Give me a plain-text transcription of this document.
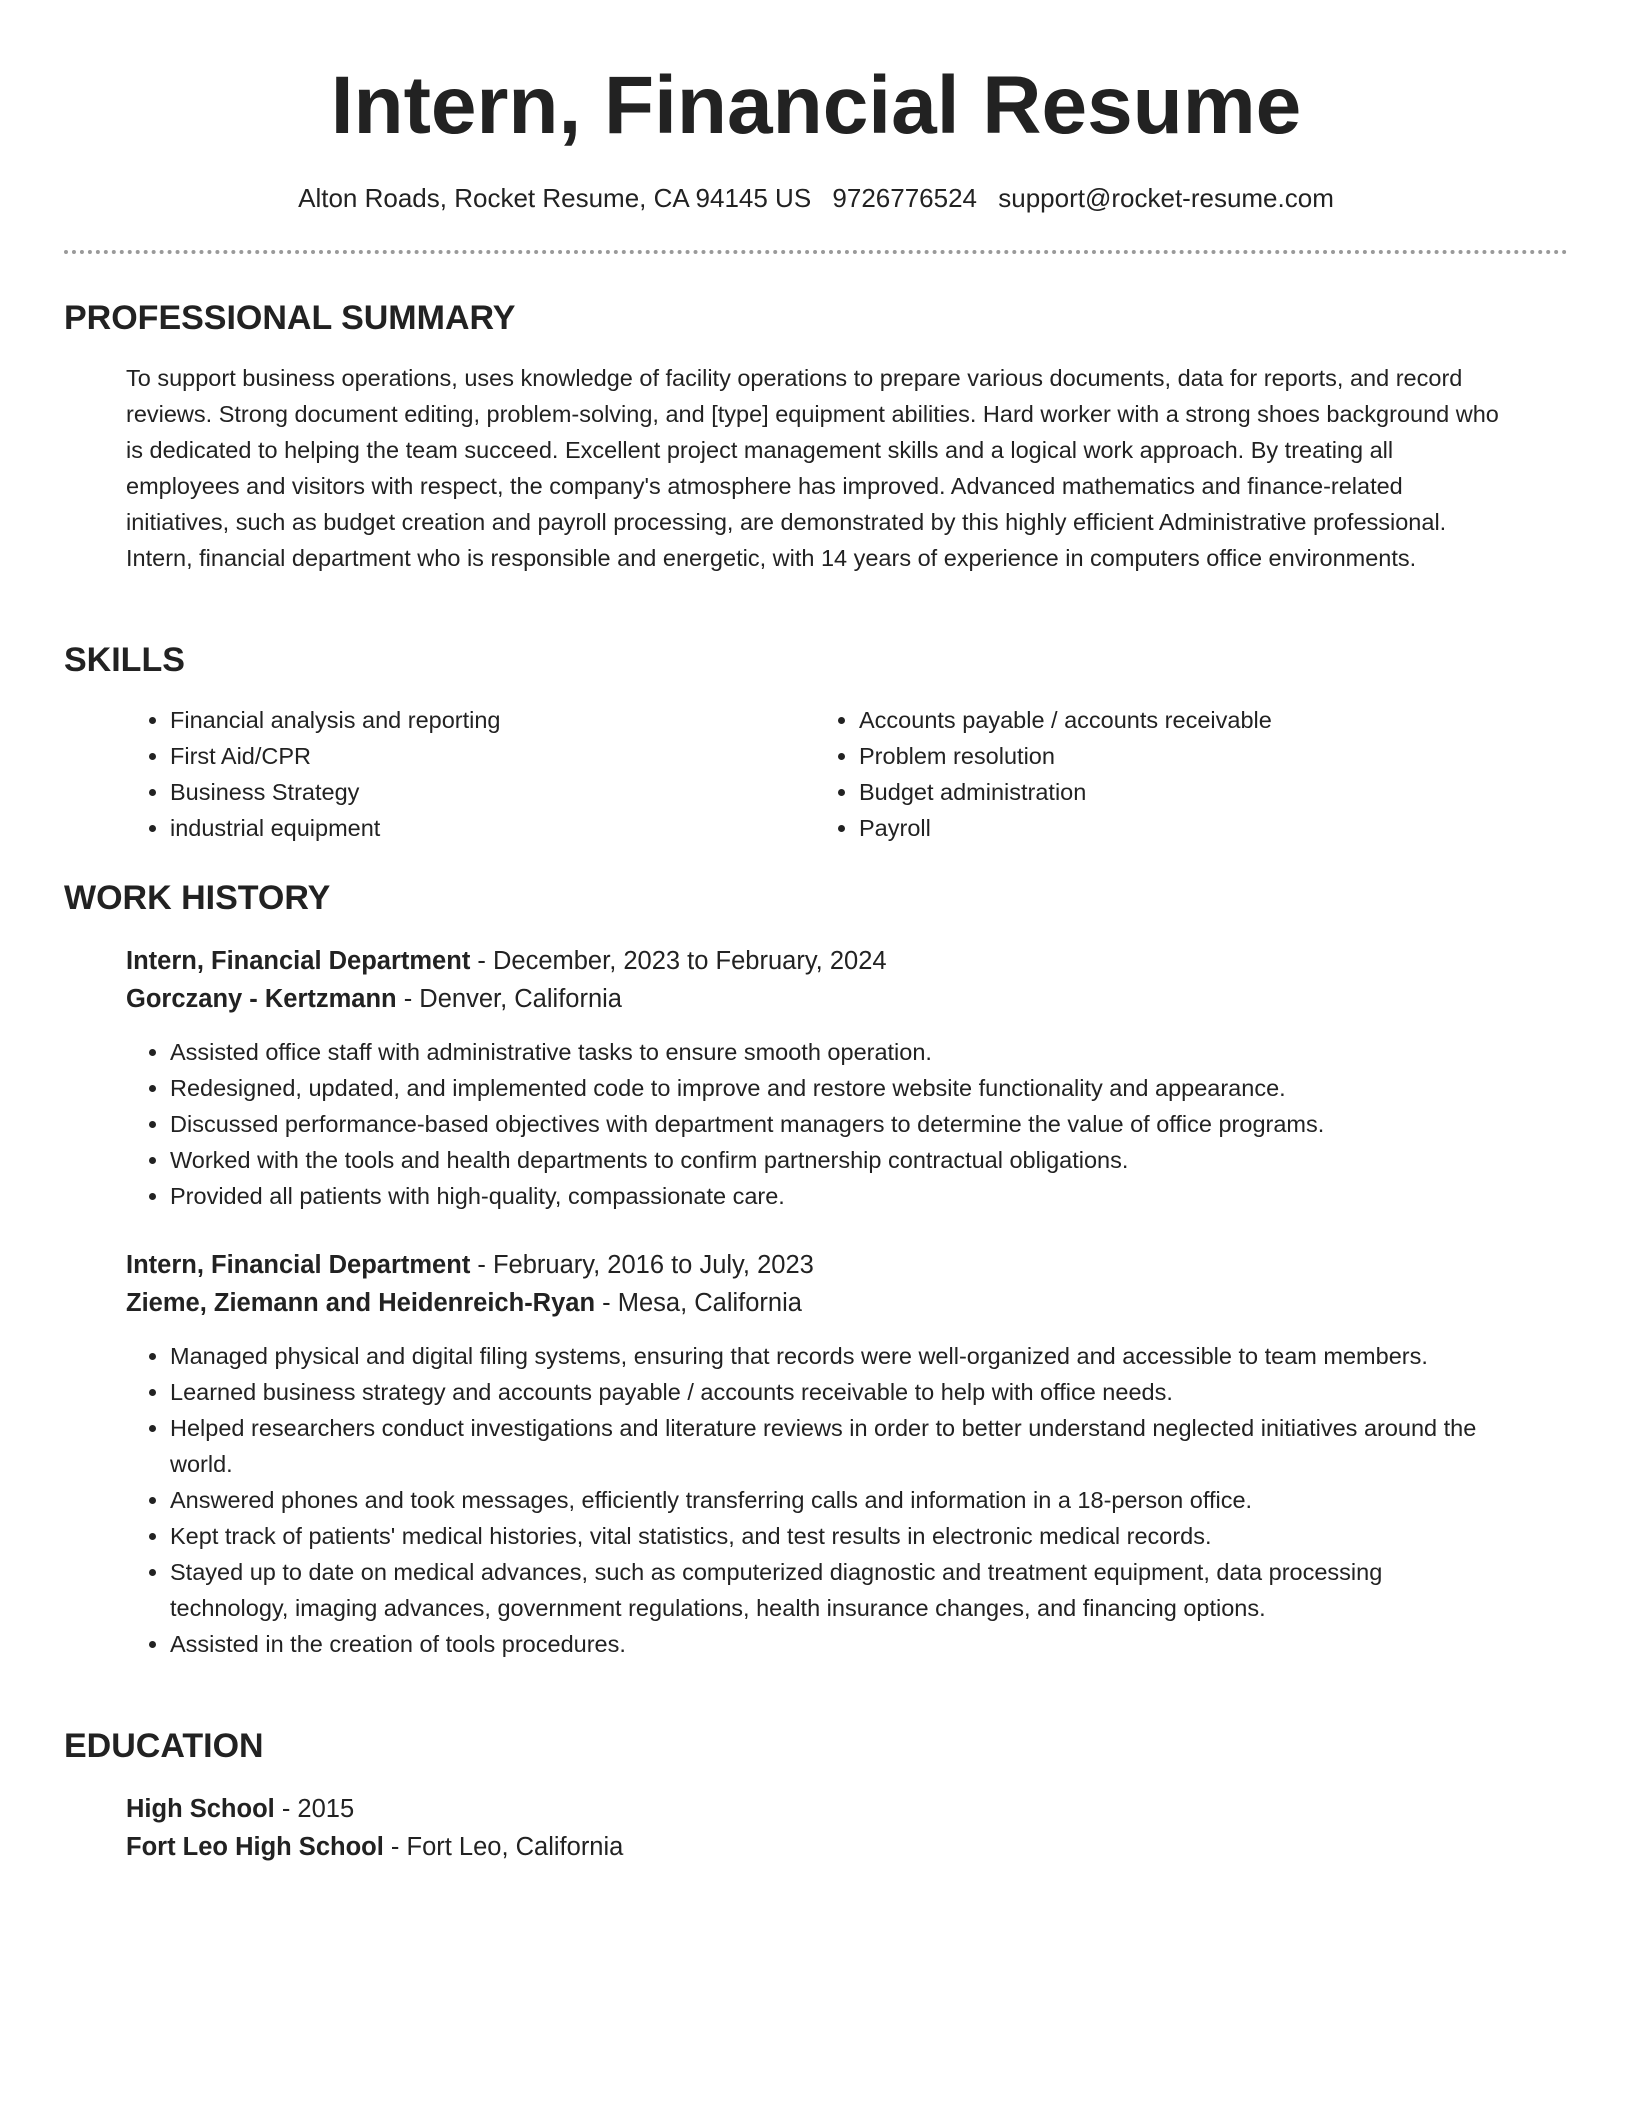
Intern, Financial Resume
Alton Roads, Rocket Resume, CA 94145 US 9726776524 support@rocket-resume.com
PROFESSIONAL SUMMARY

To support business operations, uses knowledge of facility operations to prepare various documents, data for reports, and record reviews. Strong document editing, problem-solving, and [type] equipment abilities. Hard worker with a strong shoes background who is dedicated to helping the team succeed. Excellent project management skills and a logical work approach. By treating all employees and visitors with respect, the company's atmosphere has improved. Advanced mathematics and finance-related initiatives, such as budget creation and payroll processing, are demonstrated by this highly efficient Administrative professional. Intern, financial department who is responsible and energetic, with 14 years of experience in computers office environments.

SKILLS
• Financial analysis and reporting
• First Aid/CPR
• Business Strategy
• industrial equipment
• Accounts payable / accounts receivable
• Problem resolution
• Budget administration
• Payroll
WORK HISTORY
Intern, Financial Department - December, 2023 to February, 2024
Gorczany - Kertzmann - Denver, California
• Assisted office staff with administrative tasks to ensure smooth operation.
• Redesigned, updated, and implemented code to improve and restore website functionality and appearance.
• Discussed performance-based objectives with department managers to determine the value of office programs.
• Worked with the tools and health departments to confirm partnership contractual obligations.
• Provided all patients with high-quality, compassionate care.
Intern, Financial Department - February, 2016 to July, 2023
Zieme, Ziemann and Heidenreich-Ryan - Mesa, California
• Managed physical and digital filing systems, ensuring that records were well-organized and accessible to team members.
• Learned business strategy and accounts payable / accounts receivable to help with office needs.
• Helped researchers conduct investigations and literature reviews in order to better understand neglected initiatives around the world.
• Answered phones and took messages, efficiently transferring calls and information in a 18-person office.
• Kept track of patients' medical histories, vital statistics, and test results in electronic medical records.
• Stayed up to date on medical advances, such as computerized diagnostic and treatment equipment, data processing technology, imaging advances, government regulations, health insurance changes, and financing options.
• Assisted in the creation of tools procedures.
EDUCATION
High School - 2015
Fort Leo High School - Fort Leo, California
